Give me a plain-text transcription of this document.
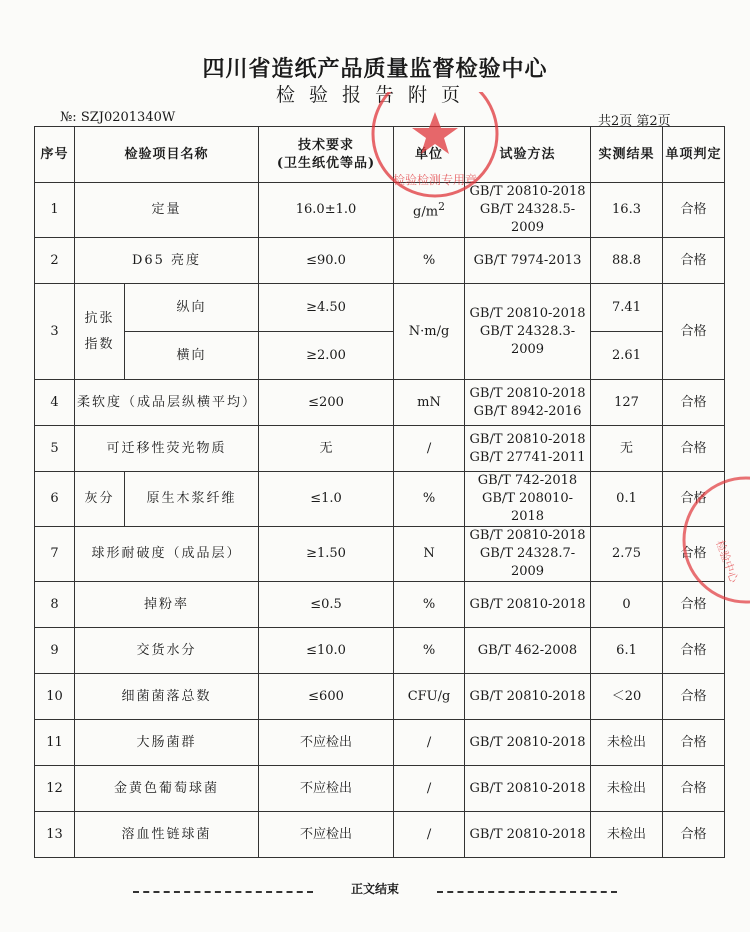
四川省造纸产品质量监督检验中心
检验报告附页
№: SZJ0201340W	共2页 第2页
序号	检验项目名称		技术要求
(卫生纸优等品)	单位	试验方法	实测结果	单项判定
1	定量		16.0±1.0	$g/m^2$	GB/T 20810-2018
GB/T 24328.5-2009	16.3	合格
2	D65 亮度		≤90.0	%	GB/T 7974-2013	88.8	合格
3	抗张
指数	纵向	≥4.50	N·m/g	GB/T 20810-2018
GB/T 24328.3-2009	7.41	合格
		横向	≥2.00			2.61	
4	柔软度（成品层纵横平均）		≤200	mN	GB/T 20810-2018
GB/T 8942-2016	127	合格
5	可迁移性荧光物质		无	/	GB/T 20810-2018
GB/T 27741-2011	无	合格
6	灰分	原生木浆纤维	≤1.0	%	GB/T 742-2018
GB/T 208010-2018	0.1	合格
7	球形耐破度（成品层）		≥1.50	N	GB/T 20810-2018
GB/T 24328.7-2009	2.75	合格
8	掉粉率		≤0.5	%	GB/T 20810-2018	0	合格
9	交货水分		≤10.0	%	GB/T 462-2008	6.1	合格
10	细菌菌落总数		≤600	CFU/g	GB/T 20810-2018	＜20	合格
11	大肠菌群		不应检出	/	GB/T 20810-2018	未检出	合格
12	金黄色葡萄球菌		不应检出	/	GB/T 20810-2018	未检出	合格
13	溶血性链球菌		不应检出	/	GB/T 20810-2018	未检出	合格
正文结束
检验检测专用章
检验中心
